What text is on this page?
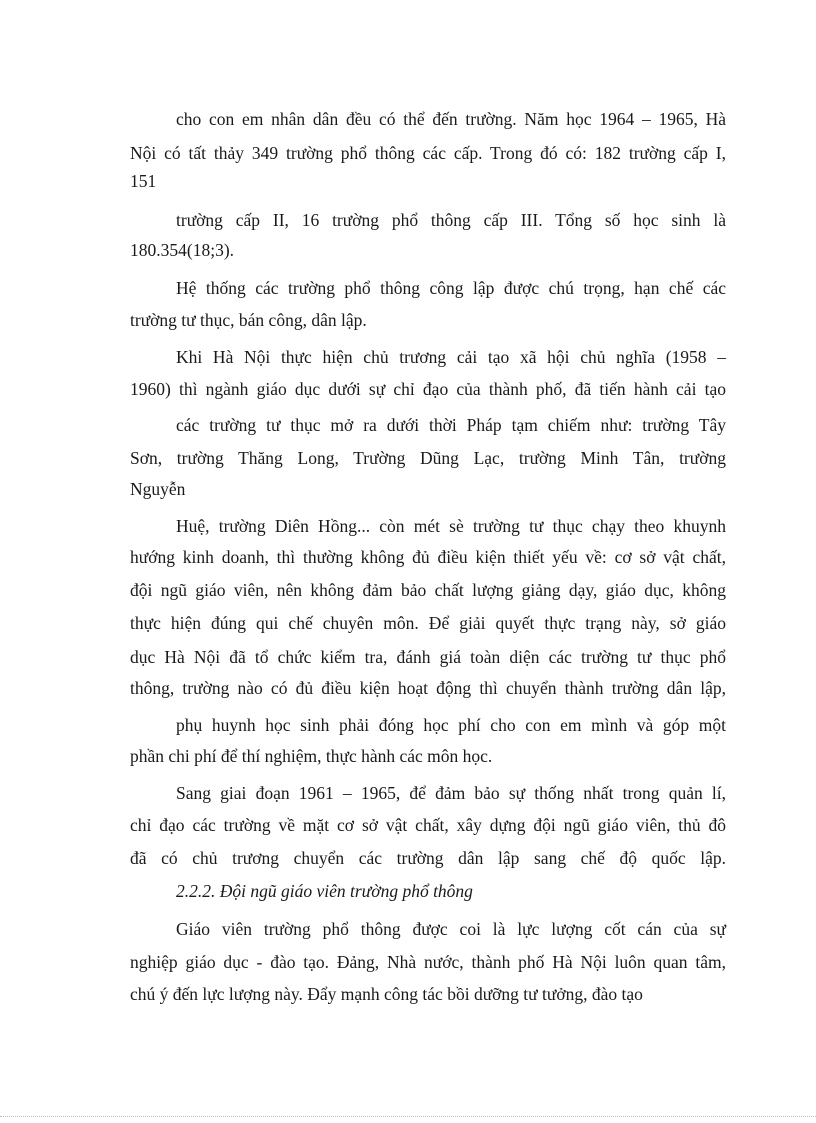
cho con em nhân dân đều có thể đến trường. Năm học 1964 – 1965, Hà
Nội có tất thảy 349 trường phổ thông các cấp. Trong đó có: 182 trường cấp I,
151
trường cấp II, 16 trường phổ thông cấp III. Tổng số học sinh là
180.354(18;3).
Hệ thống các trường phổ thông công lập được chú trọng, hạn chế các
trường tư thục, bán công, dân lập.
Khi Hà Nội thực hiện chủ trương cải tạo xã hội chủ nghĩa (1958 –
1960) thì ngành giáo dục dưới sự chỉ đạo của thành phố, đã tiến hành cải tạo
các trường tư thục mở ra dưới thời Pháp tạm chiếm như: trường Tây
Sơn, trường Thăng Long, Trường Dũng Lạc, trường Minh Tân, trường
Nguyễn
Huệ, trường Diên Hồng... còn mét sè trường tư thục chạy theo khuynh
hướng kinh doanh, thì thường không đủ điều kiện thiết yếu về: cơ sở vật chất,
đội ngũ giáo viên, nên không đảm bảo chất lượng giảng dạy, giáo dục, không
thực hiện đúng qui chế chuyên môn. Để giải quyết thực trạng này, sở giáo
dục Hà Nội đã tổ chức kiểm tra, đánh giá toàn diện các trường tư thục phổ
thông, trường nào có đủ điều kiện hoạt động thì chuyển thành trường dân lập,
phụ huynh học sinh phải đóng học phí cho con em mình và góp một
phần chi phí để thí nghiệm, thực hành các môn học.
Sang giai đoạn 1961 – 1965, để đảm bảo sự thống nhất trong quản lí,
chỉ đạo các trường về mặt cơ sở vật chất, xây dựng đội ngũ giáo viên, thủ đô
đã có chủ trương chuyển các trường dân lập sang chế độ quốc lập.
2.2.2. Đội ngũ giáo viên trường phổ thông
Giáo viên trường phổ thông được coi là lực lượng cốt cán của sự
nghiệp giáo dục - đào tạo. Đảng, Nhà nước, thành phố Hà Nội luôn quan tâm,
chú ý đến lực lượng này. Đẩy mạnh công tác bồi dưỡng tư tưởng, đào tạo
